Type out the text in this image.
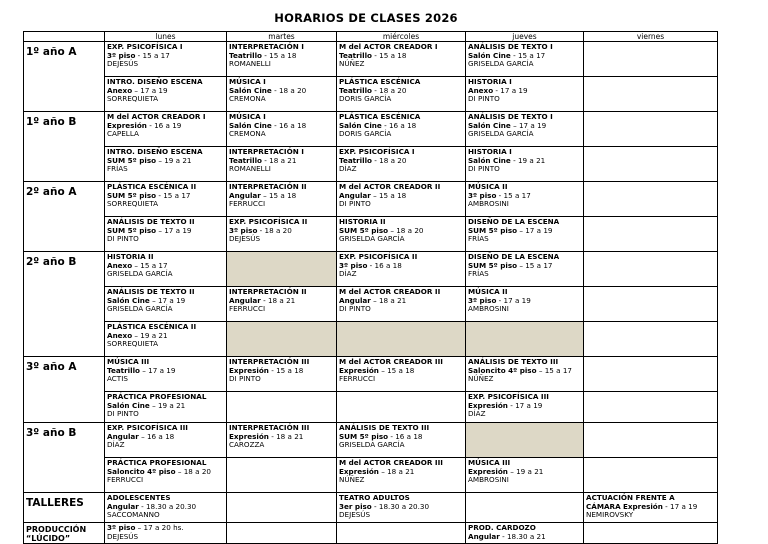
HORARIOS DE CLASES 2026
	lunes	martes	miércoles	jueves	viernes
1º año A	EXP. PSICOFÍSICA I
3º piso - 15 a 17
DEJESÚS	INTERPRETACIÓN I
Teatrillo - 15 a 18
ROMANELLI	M del ACTOR CREADOR I
Teatrillo - 15 a 18
NÚÑEZ	ANÁLISIS DE TEXTO I
Salón Cine - 15 a 17
GRISELDA GARCÍA	

	INTRO. DISEÑO ESCENA
Anexo – 17 a 19
SORREQUIETA	MÚSICA I
Salón Cine - 18 a 20
CREMONA	PLÁSTICA ESCÉNICA
Teatrillo - 18 a 20
DORIS GARCÍA	HISTORIA I
Anexo - 17 a 19
DI PINTO	

1º año B	M del ACTOR CREADOR I
Expresión - 16 a 19
CAPELLA	MÚSICA I
Salón Cine - 16 a 18
CREMONA	PLÁSTICA ESCÉNICA
Salón Cine - 16 a 18
DORIS GARCÍA	ANÁLISIS DE TEXTO I
Salón Cine – 17 a 19
GRISELDA GARCÍA	

	INTRO. DISEÑO ESCENA
SUM 5º piso – 19 a 21
FRÍAS	INTERPRETACIÓN I
Teatrillo - 18 a 21
ROMANELLI	EXP. PSICOFÍSICA I
Teatrillo - 18 a 20
DÍAZ	HISTORIA I
Salón Cine - 19 a 21
DI PINTO	

2º año A	PLÁSTICA ESCÉNICA II
SUM 5º piso - 15 a 17
SORREQUIETA	INTERPRETACIÓN II
Angular – 15 a 18
FERRUCCI	M del ACTOR CREADOR II
Angular – 15 a 18
DI PINTO	MÚSICA II
3º piso - 15 a 17
AMBROSINI	

	ANÁLISIS DE TEXTO II
SUM 5º piso – 17 a 19
DI PINTO	EXP. PSICOFÍSICA II
3º piso - 18 a 20
DEJESÚS	HISTORIA II
SUM 5º piso – 18 a 20
GRISELDA GARCÍA	DISEÑO DE LA ESCENA
SUM 5º piso – 17 a 19
FRÍAS	

2º año B	HISTORIA II
Anexo – 15 a 17
GRISELDA GARCÍA		EXP. PSICOFÍSICA II
3º piso - 16 a 18
DÍAZ	DISEÑO DE LA ESCENA
SUM 5º piso – 15 a 17
FRÍAS	

	ANÁLISIS DE TEXTO II
Salón Cine – 17 a 19
GRISELDA GARCÍA	INTERPRETACIÓN II
Angular - 18 a 21
FERRUCCI	M del ACTOR CREADOR II
Angular – 18 a 21
DI PINTO	MÚSICA II
3º piso - 17 a 19
AMBROSINI	

	PLÁSTICA ESCÉNICA II
Anexo – 19 a 21
SORREQUIETA				

3º año A	MÚSICA III
Teatrillo – 17 a 19
ACTIS	INTERPRETACIÓN III
Expresión - 15 a 18
DI PINTO	M del ACTOR CREADOR III
Expresión – 15 a 18
FERRUCCI	ANÁLISIS DE TEXTO III
Saloncito 4º piso – 15 a 17
NÚÑEZ	

	PRÁCTICA PROFESIONAL
Salón Cine – 19 a 21
DI PINTO			EXP. PSICOFÍSICA III
Expresión - 17 a 19
DÍAZ	

3º año B	EXP. PSICOFÍSICA III
Angular – 16 a 18
DÍAZ	INTERPRETACIÓN III
Expresión - 18 a 21
CAROZZA	ANÁLISIS DE TEXTO III
SUM 5º piso - 16 a 18
GRISELDA GARCÍA		

	PRÁCTICA PROFESIONAL
Saloncito 4º piso – 18 a 20
FERRUCCI		M del ACTOR CREADOR III
Expresión – 18 a 21
NÚÑEZ	MÚSICA III
Expresión – 19 a 21
AMBROSINI	

TALLERES	ADOLESCENTES
Angular - 18.30 a 20.30
SACCOMANNO		TEATRO ADULTOS
3er piso - 18.30 a 20.30
DEJESÚS		ACTUACIÓN FRENTE A
CÁMARA Expresión - 17 a 19
NEMIROVSKY

PRODUCCIÓN
“LÚCIDO”	3º piso – 17 a 20 hs.
DEJESÚS			PROD. CARDOZO
Angular - 18.30 a 21	
